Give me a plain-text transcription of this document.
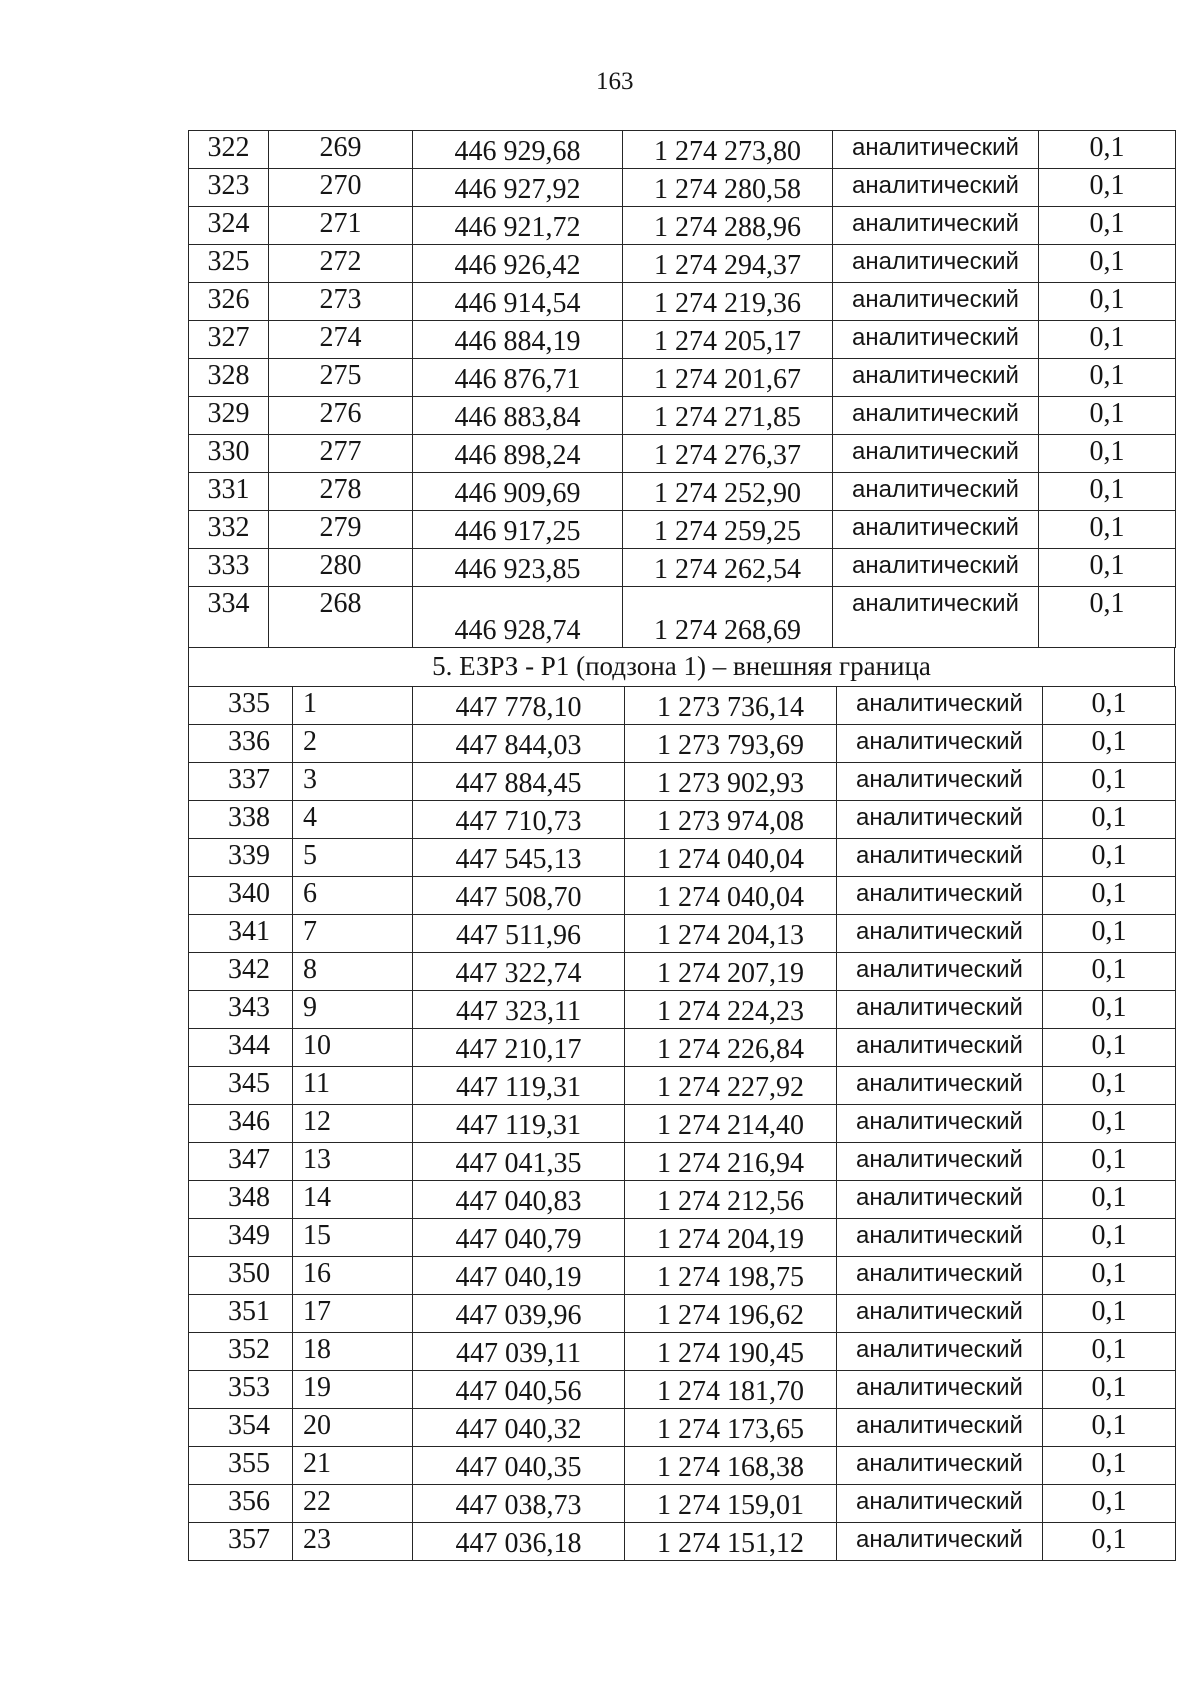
163
322	269	446 929,68	1 274 273,80	аналитический	0,1
323	270	446 927,92	1 274 280,58	аналитический	0,1
324	271	446 921,72	1 274 288,96	аналитический	0,1
325	272	446 926,42	1 274 294,37	аналитический	0,1
326	273	446 914,54	1 274 219,36	аналитический	0,1
327	274	446 884,19	1 274 205,17	аналитический	0,1
328	275	446 876,71	1 274 201,67	аналитический	0,1
329	276	446 883,84	1 274 271,85	аналитический	0,1
330	277	446 898,24	1 274 276,37	аналитический	0,1
331	278	446 909,69	1 274 252,90	аналитический	0,1
332	279	446 917,25	1 274 259,25	аналитический	0,1
333	280	446 923,85	1 274 262,54	аналитический	0,1
334	268	446 928,74	1 274 268,69	аналитический	0,1
5. ЕЗРЗ - Р1 (подзона 1) – внешняя граница
335	1	447 778,10	1 273 736,14	аналитический	0,1
336	2	447 844,03	1 273 793,69	аналитический	0,1
337	3	447 884,45	1 273 902,93	аналитический	0,1
338	4	447 710,73	1 273 974,08	аналитический	0,1
339	5	447 545,13	1 274 040,04	аналитический	0,1
340	6	447 508,70	1 274 040,04	аналитический	0,1
341	7	447 511,96	1 274 204,13	аналитический	0,1
342	8	447 322,74	1 274 207,19	аналитический	0,1
343	9	447 323,11	1 274 224,23	аналитический	0,1
344	10	447 210,17	1 274 226,84	аналитический	0,1
345	11	447 119,31	1 274 227,92	аналитический	0,1
346	12	447 119,31	1 274 214,40	аналитический	0,1
347	13	447 041,35	1 274 216,94	аналитический	0,1
348	14	447 040,83	1 274 212,56	аналитический	0,1
349	15	447 040,79	1 274 204,19	аналитический	0,1
350	16	447 040,19	1 274 198,75	аналитический	0,1
351	17	447 039,96	1 274 196,62	аналитический	0,1
352	18	447 039,11	1 274 190,45	аналитический	0,1
353	19	447 040,56	1 274 181,70	аналитический	0,1
354	20	447 040,32	1 274 173,65	аналитический	0,1
355	21	447 040,35	1 274 168,38	аналитический	0,1
356	22	447 038,73	1 274 159,01	аналитический	0,1
357	23	447 036,18	1 274 151,12	аналитический	0,1
